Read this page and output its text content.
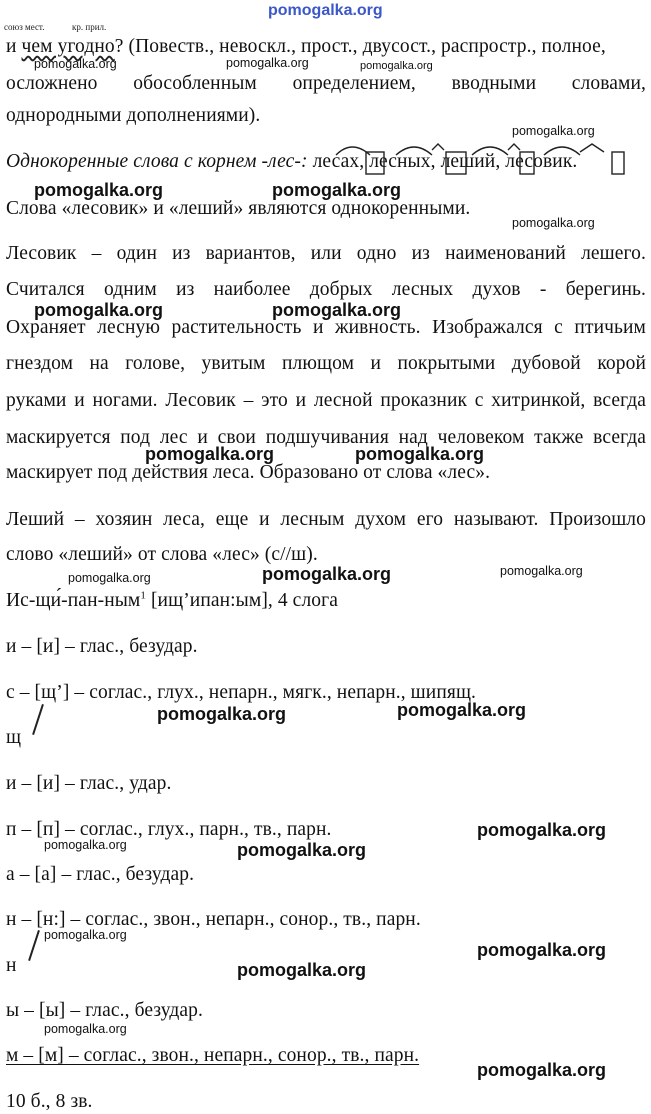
pomogalka.org
союз мест.	кр. прил.
и чем угодно? (Повеств., невоскл., прост., двусост., распростр., полное,
pomogalka.org	pomogalka.org	pomogalka.org
осложнено обособленным определением, вводными словами,
однородными дополнениями).
pomogalka.org
Однокоренные слова с корнем -лес-: лесах, лесных, леший, лесовик.
pomogalka.org	pomogalka.org
Слова «лесовик» и «леший» являются однокоренными.
pomogalka.org
Лесовик – один из вариантов, или одно из наименований лешего.
Считался одним из наиболее добрых лесных духов - берегинь.
pomogalka.org	pomogalka.org
Охраняет лесную растительность и живность. Изображался с птичьим
гнездом на голове, увитым плющом и покрытыми дубовой корой
руками и ногами. Лесовик – это и лесной проказник с хитринкой, всегда
маскируется под лес и свои подшучивания над человеком также всегда
pomogalka.org	pomogalka.org
маскирует под действия леса. Образовано от слова «лес».
Леший – хозяин леса, еще и лесным духом его называют. Произошло
слово «леший» от слова «лес» (с//ш).
pomogalka.org	pomogalka.org	pomogalka.org
Ис-щи́-пан-ным$^1$ [ищ’ипан:ым], 4 слога
и – [и] – глас., безудар.
с – [щ’] – соглас., глух., непарн., мягк., непарн., шипящ.
pomogalka.org	pomogalka.org
щ
и – [и] – глас., удар.
п – [п] – соглас., глух., парн., тв., парн.	pomogalka.org
pomogalka.org	pomogalka.org
а – [а] – глас., безудар.
н – [н:] – соглас., звон., непарн., сонор., тв., парн.
pomogalka.org
pomogalka.org
н	pomogalka.org
ы – [ы] – глас., безудар.
pomogalka.org
м – [м] – соглас., звон., непарн., сонор., тв., парн.
pomogalka.org
10 б., 8 зв.
